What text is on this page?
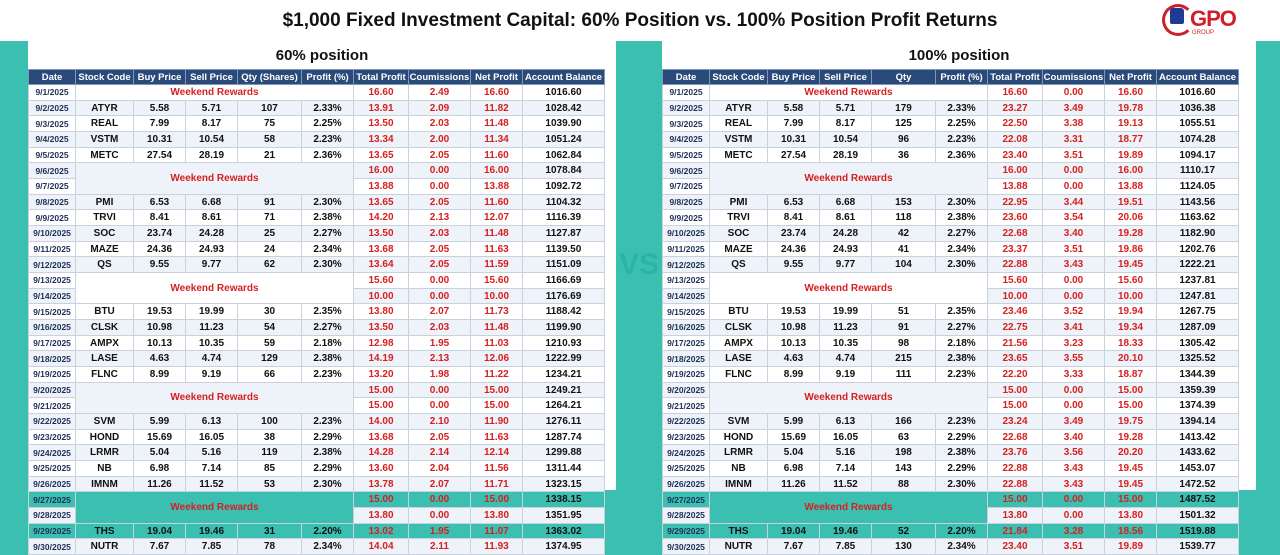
$1,000 Fixed Investment Capital: 60% Position vs. 100% Position Profit Returns	GPO
GROUP
60% position
Date	Stock Code	Buy Price	Sell Price	Qty (Shares)	Profit (%)	Total Profit	Coumissions	Net Profit	Account Balance
9/1/2025	Weekend Rewards					16.60	2.49	16.60	1016.60
9/2/2025	ATYR	5.58	5.71	107	2.33%	13.91	2.09	11.82	1028.42
9/3/2025	REAL	7.99	8.17	75	2.25%	13.50	2.03	11.48	1039.90
9/4/2025	VSTM	10.31	10.54	58	2.23%	13.34	2.00	11.34	1051.24
9/5/2025	METC	27.54	28.19	21	2.36%	13.65	2.05	11.60	1062.84
9/6/2025	Weekend Rewards					16.00	0.00	16.00	1078.84
9/7/2025						13.88	0.00	13.88	1092.72
9/8/2025	PMI	6.53	6.68	91	2.30%	13.65	2.05	11.60	1104.32
9/9/2025	TRVI	8.41	8.61	71	2.38%	14.20	2.13	12.07	1116.39
9/10/2025	SOC	23.74	24.28	25	2.27%	13.50	2.03	11.48	1127.87
9/11/2025	MAZE	24.36	24.93	24	2.34%	13.68	2.05	11.63	1139.50
9/12/2025	QS	9.55	9.77	62	2.30%	13.64	2.05	11.59	1151.09
9/13/2025	Weekend Rewards					15.60	0.00	15.60	1166.69
9/14/2025						10.00	0.00	10.00	1176.69
9/15/2025	BTU	19.53	19.99	30	2.35%	13.80	2.07	11.73	1188.42
9/16/2025	CLSK	10.98	11.23	54	2.27%	13.50	2.03	11.48	1199.90
9/17/2025	AMPX	10.13	10.35	59	2.18%	12.98	1.95	11.03	1210.93
9/18/2025	LASE	4.63	4.74	129	2.38%	14.19	2.13	12.06	1222.99
9/19/2025	FLNC	8.99	9.19	66	2.23%	13.20	1.98	11.22	1234.21
9/20/2025	Weekend Rewards					15.00	0.00	15.00	1249.21
9/21/2025						15.00	0.00	15.00	1264.21
9/22/2025	SVM	5.99	6.13	100	2.23%	14.00	2.10	11.90	1276.11
9/23/2025	HOND	15.69	16.05	38	2.29%	13.68	2.05	11.63	1287.74
9/24/2025	LRMR	5.04	5.16	119	2.38%	14.28	2.14	12.14	1299.88
9/25/2025	NB	6.98	7.14	85	2.29%	13.60	2.04	11.56	1311.44
9/26/2025	IMNM	11.26	11.52	53	2.30%	13.78	2.07	11.71	1323.15
9/27/2025	Weekend Rewards					15.00	0.00	15.00	1338.15
9/28/2025						13.80	0.00	13.80	1351.95
9/29/2025	THS	19.04	19.46	31	2.20%	13.02	1.95	11.07	1363.02
9/30/2025	NUTR	7.67	7.85	78	2.34%	14.04	2.11	11.93	1374.95
VS
100% position
Date	Stock Code	Buy Price	Sell Price	Qty	Profit (%)	Total Profit	Coumissions	Net Profit	Account Balance
9/1/2025	Weekend Rewards					16.60	0.00	16.60	1016.60
9/2/2025	ATYR	5.58	5.71	179	2.33%	23.27	3.49	19.78	1036.38
9/3/2025	REAL	7.99	8.17	125	2.25%	22.50	3.38	19.13	1055.51
9/4/2025	VSTM	10.31	10.54	96	2.23%	22.08	3.31	18.77	1074.28
9/5/2025	METC	27.54	28.19	36	2.36%	23.40	3.51	19.89	1094.17
9/6/2025	Weekend Rewards					16.00	0.00	16.00	1110.17
9/7/2025						13.88	0.00	13.88	1124.05
9/8/2025	PMI	6.53	6.68	153	2.30%	22.95	3.44	19.51	1143.56
9/9/2025	TRVI	8.41	8.61	118	2.38%	23.60	3.54	20.06	1163.62
9/10/2025	SOC	23.74	24.28	42	2.27%	22.68	3.40	19.28	1182.90
9/11/2025	MAZE	24.36	24.93	41	2.34%	23.37	3.51	19.86	1202.76
9/12/2025	QS	9.55	9.77	104	2.30%	22.88	3.43	19.45	1222.21
9/13/2025	Weekend Rewards					15.60	0.00	15.60	1237.81
9/14/2025						10.00	0.00	10.00	1247.81
9/15/2025	BTU	19.53	19.99	51	2.35%	23.46	3.52	19.94	1267.75
9/16/2025	CLSK	10.98	11.23	91	2.27%	22.75	3.41	19.34	1287.09
9/17/2025	AMPX	10.13	10.35	98	2.18%	21.56	3.23	18.33	1305.42
9/18/2025	LASE	4.63	4.74	215	2.38%	23.65	3.55	20.10	1325.52
9/19/2025	FLNC	8.99	9.19	111	2.23%	22.20	3.33	18.87	1344.39
9/20/2025	Weekend Rewards					15.00	0.00	15.00	1359.39
9/21/2025						15.00	0.00	15.00	1374.39
9/22/2025	SVM	5.99	6.13	166	2.23%	23.24	3.49	19.75	1394.14
9/23/2025	HOND	15.69	16.05	63	2.29%	22.68	3.40	19.28	1413.42
9/24/2025	LRMR	5.04	5.16	198	2.38%	23.76	3.56	20.20	1433.62
9/25/2025	NB	6.98	7.14	143	2.29%	22.88	3.43	19.45	1453.07
9/26/2025	IMNM	11.26	11.52	88	2.30%	22.88	3.43	19.45	1472.52
9/27/2025	Weekend Rewards					15.00	0.00	15.00	1487.52
9/28/2025						13.80	0.00	13.80	1501.32
9/29/2025	THS	19.04	19.46	52	2.20%	21.84	3.28	18.56	1519.88
9/30/2025	NUTR	7.67	7.85	130	2.34%	23.40	3.51	19.89	1539.77
